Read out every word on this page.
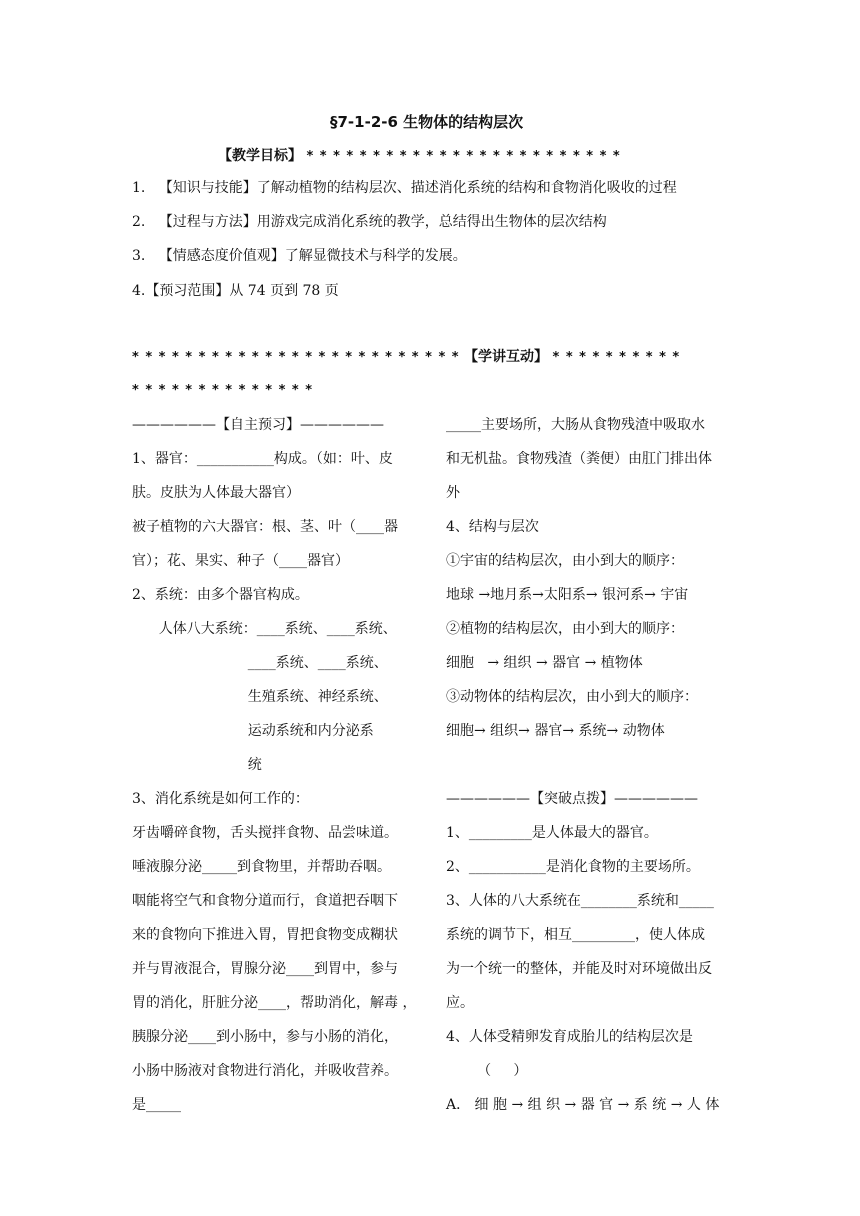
§7-1-2-6 生物体的结构层次
【教学目标】 * * * * * * * * * * * * * * * * * * * * * * * *
1.   【知识与技能】了解动植物的结构层次、描述消化系统的结构和食物消化吸收的过程
2.   【过程与方法】用游戏完成消化系统的教学，总结得出生物体的层次结构
3.   【情感态度价值观】了解显微技术与科学的发展。
4.【预习范围】从 74 页到 78 页
* * * * * * * * * * * * * * * * * * * * * * * * * 【学讲互动】 * * * * * * * * * *
* * * * * * * * * * * * * *

——————【自主预习】——————

1、器官：___________构成。（如：叶、皮

肤。皮肤为人体最大器官）

被子植物的六大器官：根、茎、叶（____器

官）；花、果实、种子（____器官）

2、系统：由多个器官构成。

人体八大系统：____系统、____系统、

____系统、____系统、

生殖系统、神经系统、

运动系统和内分泌系

统

3、消化系统是如何工作的：

牙齿嚼碎食物，舌头搅拌食物、品尝味道。

唾液腺分泌_____到食物里，并帮助吞咽。

咽能将空气和食物分道而行，食道把吞咽下

来的食物向下推进入胃，胃把食物变成糊状

并与胃液混合，胃腺分泌____到胃中，参与

胃的消化，肝脏分泌____，帮助消化，解毒 ，

胰腺分泌____到小肠中，参与小肠的消化，

小肠中肠液对食物进行消化，并吸收营养。

是_____

_____主要场所，大肠从食物残渣中吸取水

和无机盐。食物残渣（粪便）由肛门排出体

外

4、结构与层次

①宇宙的结构层次，由小到大的顺序：

地球 →地月系→太阳系→ 银河系→ 宇宙

②植物的结构层次，由小到大的顺序：

细胞   → 组织 → 器官 → 植物体

③动物体的结构层次，由小到大的顺序：

细胞→ 组织→ 器官→ 系统→ 动物体

——————【突破点拨】——————

1、_________是人体最大的器官。

2、___________是消化食物的主要场所。

3、人体的八大系统在________系统和_____

系统的调节下，相互_________，使人体成

为一个统一的整体，并能及时对环境做出反

应。

4、人体受精卵发育成胎儿的结构层次是

（     ）

A． 细 胞 → 组 织 → 器 官 → 系 统 → 人 体
